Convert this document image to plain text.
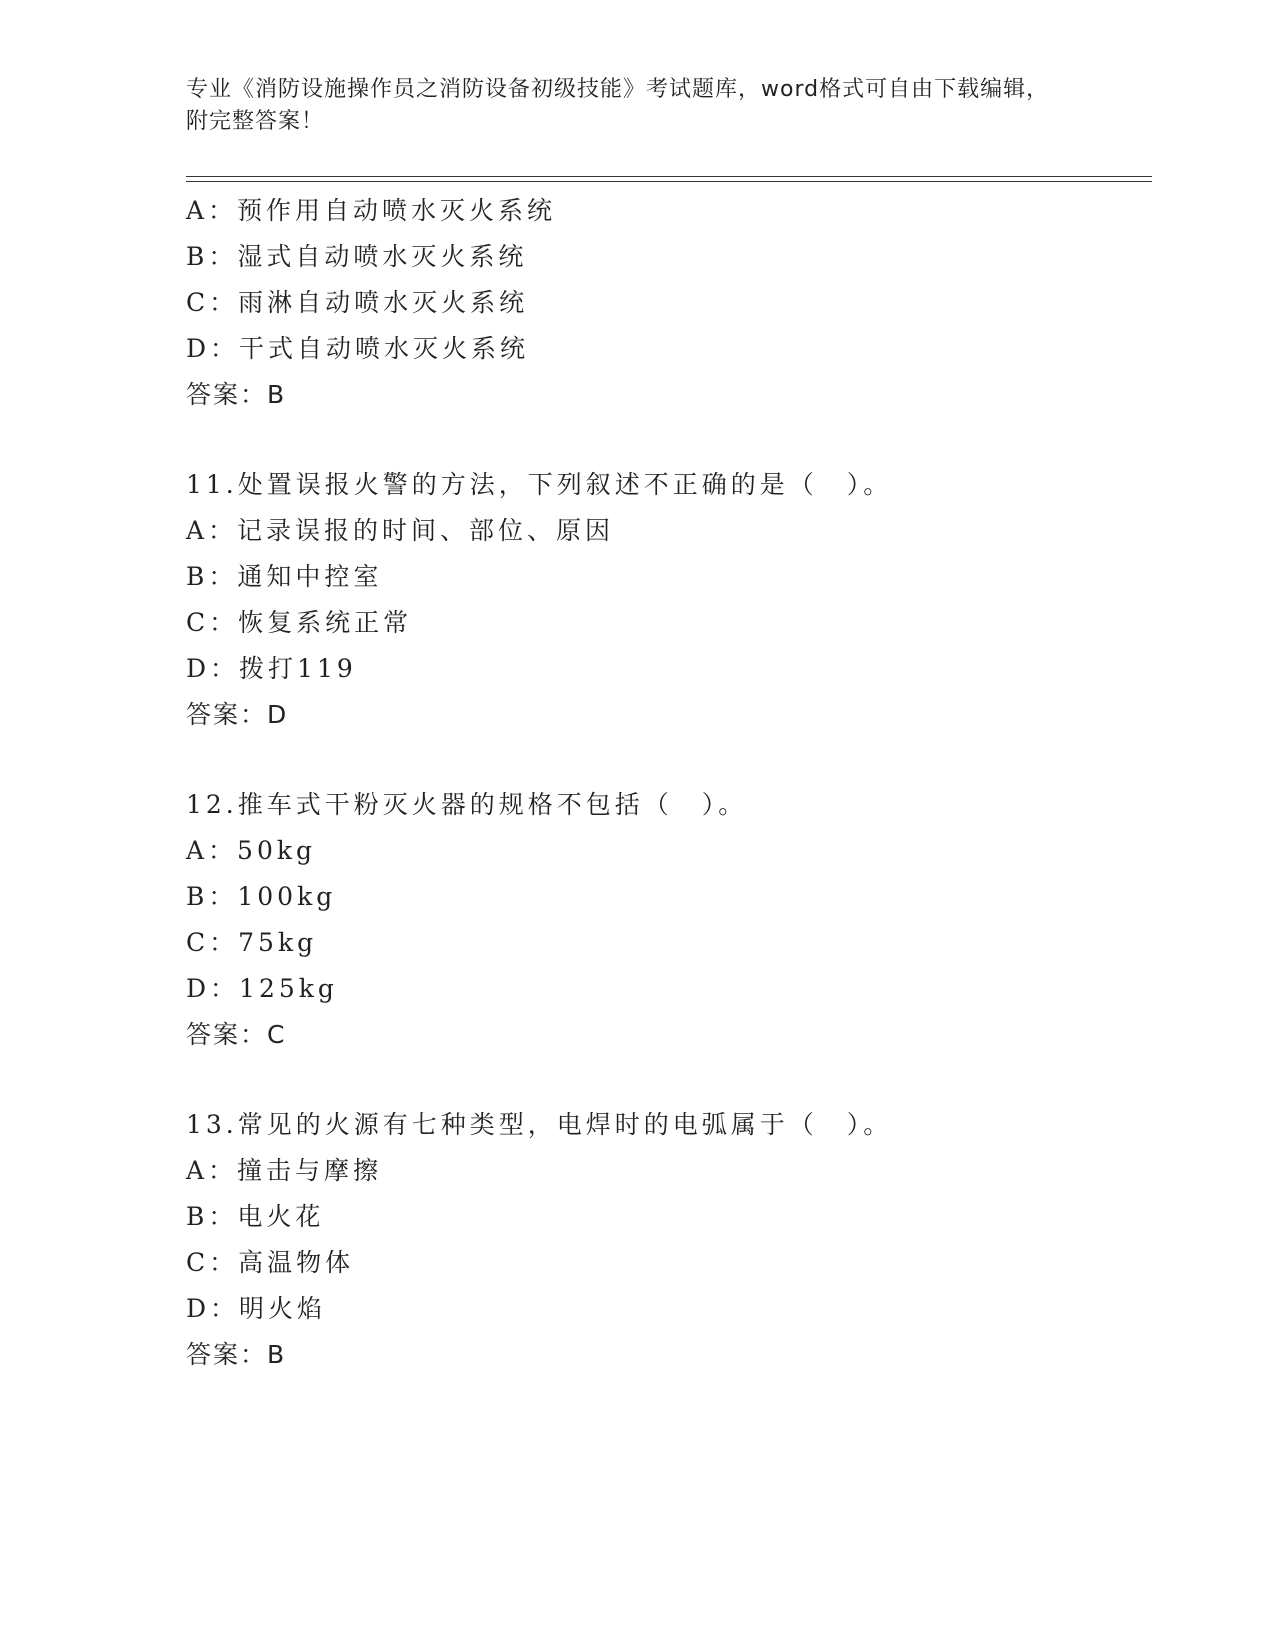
专业《消防设施操作员之消防设备初级技能》考试题库，word格式可自由下载编辑，附完整答案！
A：预作用自动喷水灭火系统
B：湿式自动喷水灭火系统
C：雨淋自动喷水灭火系统
D：干式自动喷水灭火系统
答案：B
11.处置误报火警的方法，下列叙述不正确的是（　）。
A：记录误报的时间、部位、原因
B：通知中控室
C：恢复系统正常
D：拨打119
答案：D
12.推车式干粉灭火器的规格不包括（　）。
A：50kg
B：100kg
C：75kg
D：125kg
答案：C
13.常见的火源有七种类型，电焊时的电弧属于（　）。
A：撞击与摩擦
B：电火花
C：高温物体
D：明火焰
答案：B
